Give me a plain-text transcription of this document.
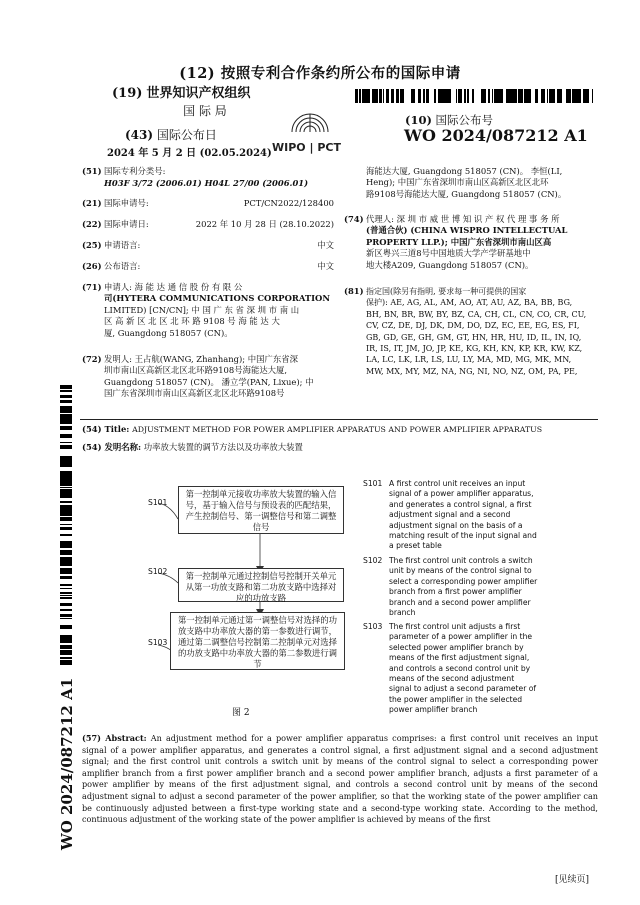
(12) 按照专利合作条约所公布的国际申请
(19) 世界知识产权组织
国 际 局
(43) 国际公布日
2024 年 5 月 2 日 (02.05.2024) WIPO | PCT
(10) 国际公布号
WO 2024/087212 A1
WO 2024/087212 A1
(51) 国际专利分类号:
H03F 3/72 (2006.01) H04L 27/00 (2006.01)
(21) 国际申请号:	PCT/CN2022/128400
(22) 国际申请日:	2022 年 10 月 28 日 (28.10.2022)
(25) 申请语言:	中文
(26) 公布语言:	中文
(71) 申请人: 海 能 达 通 信 股 份 有 限 公
司(HYTERA COMMUNICATIONS CORPORATION
LIMITED) [CN/CN]; 中 国 广 东 省 深 圳 市 南 山
区 高 新 区 北 区 北 环 路 9108 号 海 能 达 大
厦, Guangdong 518057 (CN)。
(72) 发明人: 王占航(WANG, Zhanhang); 中国广东省深
圳市南山区高新区北区北环路9108号海能达大厦,
Guangdong 518057 (CN)。 潘立学(PAN, Lixue); 中
国广东省深圳市南山区高新区北区北环路9108号
海能达大厦, Guangdong 518057 (CN)。 李恒(LI,
Heng); 中国广东省深圳市南山区高新区北区北环
路9108号海能达大厦, Guangdong 518057 (CN)。
(74) 代理人: 深 圳 市 威 世 博 知 识 产 权 代 理 事 务 所
(普通合伙) (CHINA WISPRO INTELLECTUAL
PROPERTY LLP.); 中国广东省深圳市南山区高
新区粤兴三道8号中国地质大学产学研基地中
地大楼A209, Guangdong 518057 (CN)。
(81) 指定国(除另有指明, 要求每一种可提供的国家
保护): AE, AG, AL, AM, AO, AT, AU, AZ, BA, BB, BG,
BH, BN, BR, BW, BY, BZ, CA, CH, CL, CN, CO, CR, CU,
CV, CZ, DE, DJ, DK, DM, DO, DZ, EC, EE, EG, ES, FI,
GB, GD, GE, GH, GM, GT, HN, HR, HU, ID, IL, IN, IQ,
IR, IS, IT, JM, JO, JP, KE, KG, KH, KN, KP, KR, KW, KZ,
LA, LC, LK, LR, LS, LU, LY, MA, MD, MG, MK, MN,
MW, MX, MY, MZ, NA, NG, NI, NO, NZ, OM, PA, PE,
(54) Title: ADJUSTMENT METHOD FOR POWER AMPLIFIER APPARATUS AND POWER AMPLIFIER APPARATUS
(54) 发明名称: 功率放大装置的调节方法以及功率放大装置
S101
S102
S103
第一控制单元接收功率放大装置的输入信号，基于输入信号与预设表的匹配结果，产生控制信号、第一调整信号和第二调整信号
第一控制单元通过控制信号控制开关单元从第一功放支路和第二功放支路中选择对应的功放支路
第一控制单元通过第一调整信号对选择的功放支路中功率放大器的第一参数进行调节，通过第二调整信号控制第二控制单元对选择的功放支路中功率放大器的第二参数进行调节
图 2
S101 A first control unit receives an input
signal of a power amplifier apparatus,
and generates a control signal, a first
adjustment signal and a second
adjustment signal on the basis of a
matching result of the input signal and
a preset table
S102 The first control unit controls a switch
unit by means of the control signal to
select a corresponding power amplifier
branch from a first power amplifier
branch and a second power amplifier
branch
S103 The first control unit adjusts a first
parameter of a power amplifier in the
selected power amplifier branch by
means of the first adjustment signal,
and controls a second control unit by
means of the second adjustment
signal to adjust a second parameter of
the power amplifier in the selected
power amplifier branch
(57) Abstract: An adjustment method for a power amplifier apparatus comprises: a first control unit receives an input signal of a power amplifier apparatus, and generates a control signal, a first adjustment signal and a second adjustment signal; and the first control unit controls a switch unit by means of the control signal to select a corresponding power amplifier branch from a first power amplifier branch and a second power amplifier branch, adjusts a first parameter of a power amplifier by means of the first adjustment signal, and controls a second control unit by means of the second adjustment signal to adjust a second parameter of the power amplifier, so that the working state of the power amplifier can be continuously adjusted between a first-type working state and a second-type working state. According to the method, continuous adjustment of the working state of the power amplifier is achieved by means of the first
[见续页]
